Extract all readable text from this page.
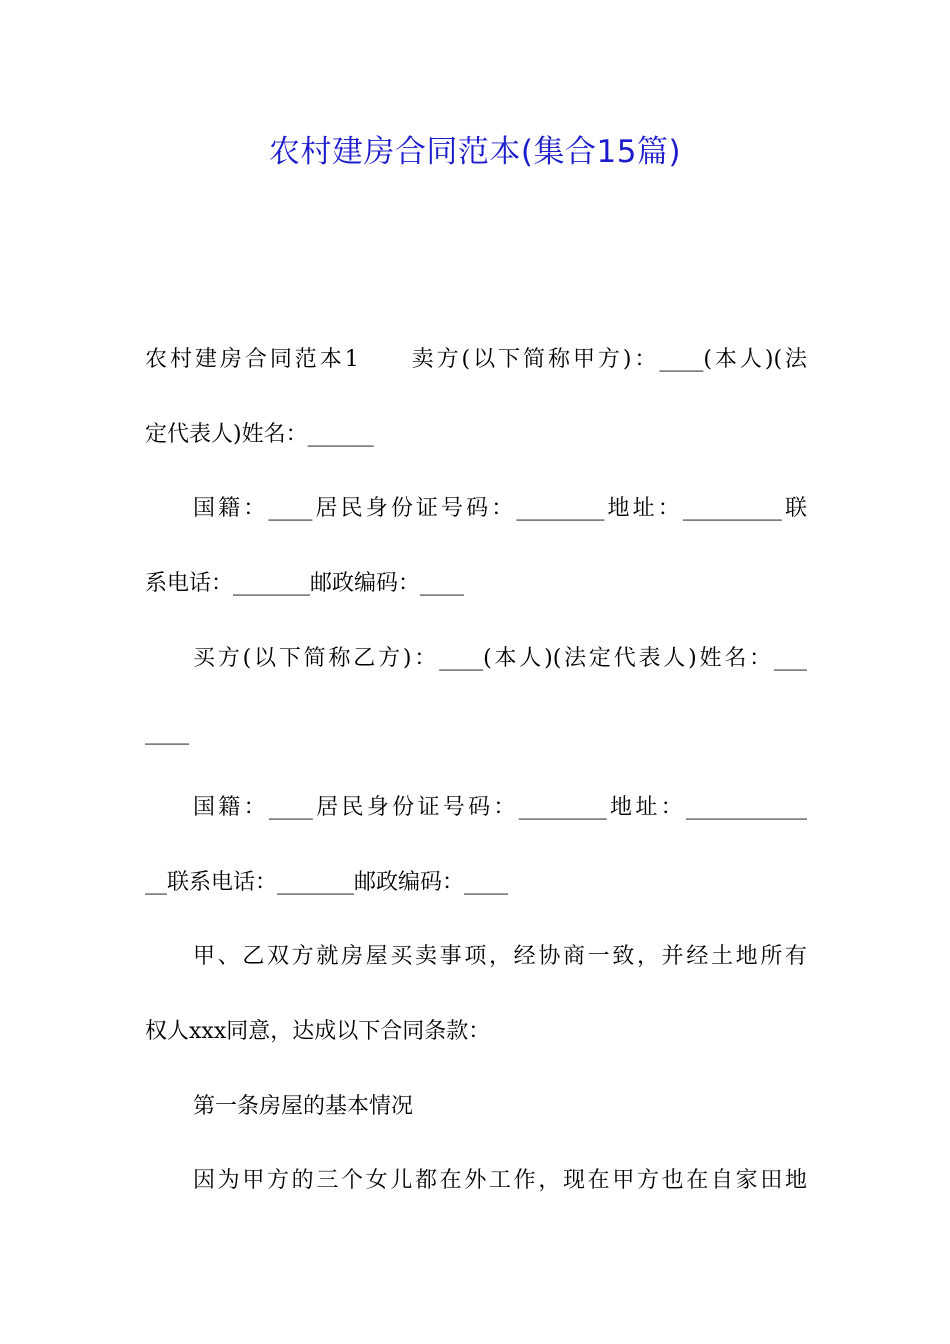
农村建房合同范本(集合15篇)
农村建房合同范本1　　卖方(以下简称甲方)：____(本人)(法
定代表人)姓名：______
国籍：____居民身份证号码：________地址：_________联
系电话：_______邮政编码：____
买方(以下简称乙方)：____(本人)(法定代表人)姓名：___
____
国籍：____居民身份证号码：________地址：___________
__联系电话：_______邮政编码：____
甲、乙双方就房屋买卖事项，经协商一致，并经土地所有
权人xxx同意，达成以下合同条款：
第一条房屋的基本情况
因为甲方的三个女儿都在外工作，现在甲方也在自家田地
